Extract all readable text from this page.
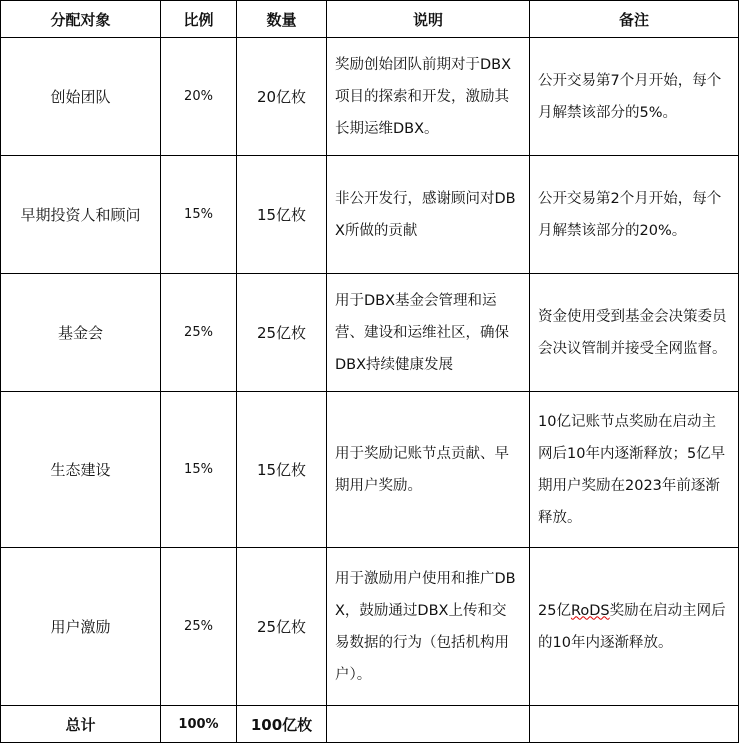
分配对象	比例	数量	说明	备注
创始团队	20%	20亿枚	奖励创始团队前期对于DBX项目的探索和开发，激励其长期运维DBX。	公开交易第7个月开始，每个月解禁该部分的5%。
早期投资人和顾问	15%	15亿枚	非公开发行，感谢顾问对DBX所做的贡献	公开交易第2个月开始，每个月解禁该部分的20%。
基金会	25%	25亿枚	用于DBX基金会管理和运营、建设和运维社区，确保DBX持续健康发展	资金使用受到基金会决策委员会决议管制并接受全网监督。
生态建设	15%	15亿枚	用于奖励记账节点贡献、早期用户奖励。	10亿记账节点奖励在启动主网后10年内逐渐释放；5亿早期用户奖励在2023年前逐渐释放。
用户激励	25%	25亿枚	用于激励用户使用和推广DBX，鼓励通过DBX上传和交易数据的行为（包括机构用户）。	25亿RoDS奖励在启动主网后的10年内逐渐释放。
总计	100%	100亿枚		
